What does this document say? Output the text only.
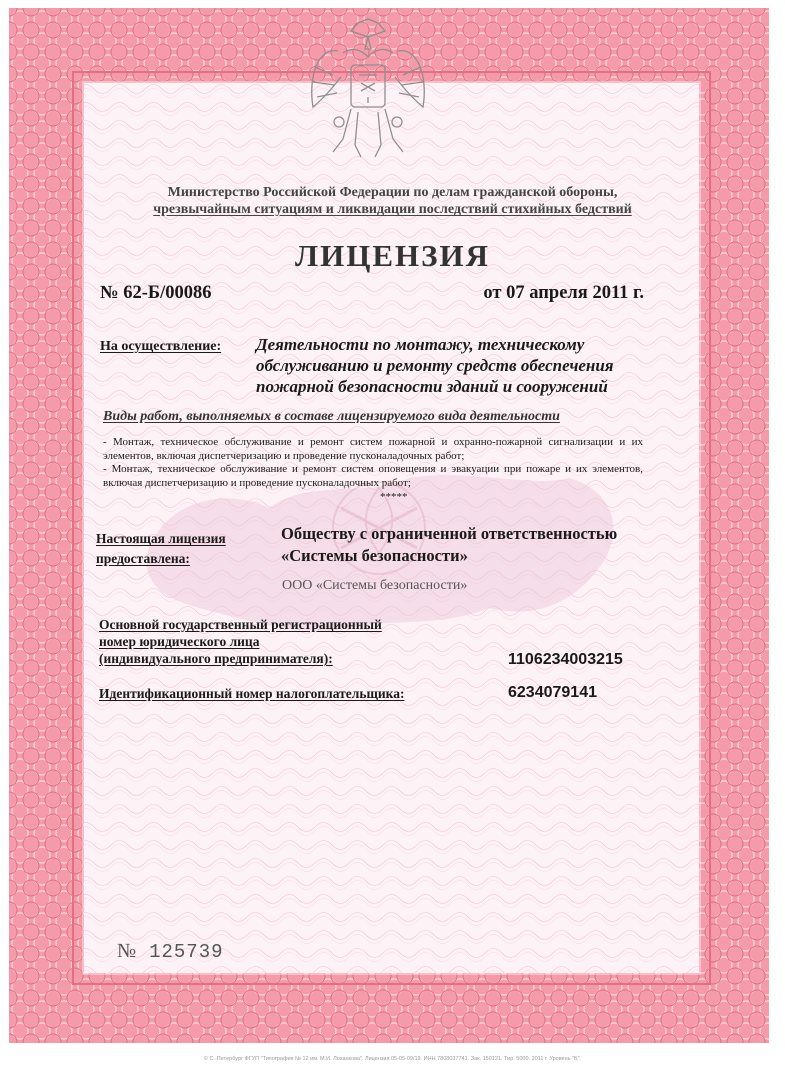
Министерство Российской Федерации по делам гражданской обороны,
чрезвычайным ситуациям и ликвидации последствий стихийных бедствий
ЛИЦЕНЗИЯ
№ 62-Б/00086	от 07 апреля 2011 г.
На осуществление: Деятельности по монтажу, техническому
обслуживанию и ремонту средств обеспечения
пожарной безопасности зданий и сооружений
Виды работ, выполняемых в составе лицензируемого вида деятельности

- Монтаж, техническое обслуживание и ремонт систем пожарной и охранно-пожарной сигнализации и их элементов, включая диспетчеризацию и проведение пусконаладочных работ;

- Монтаж, техническое обслуживание и ремонт систем оповещения и эвакуации при пожаре и их элементов, включая диспетчеризацию и проведение пусконаладочных работ;

*****
Настоящая лицензия
предоставлена:
Обществу с ограниченной ответственностью
«Системы безопасности»
ООО «Системы безопасности»
Основной государственный регистрационный
номер юридического лица
(индивидуального предпринимателя):	1106234003215
Идентификационный номер налогоплательщика:	6234079141
№ 125739
© С.-Петербург ФГУП "Типография № 12 им. М.И. Лоханкова". Лицензия 05-05-09/19. ИНН 7808037741. Зак. 150121. Тир. 5000. 2011 г. Уровень "Б".
